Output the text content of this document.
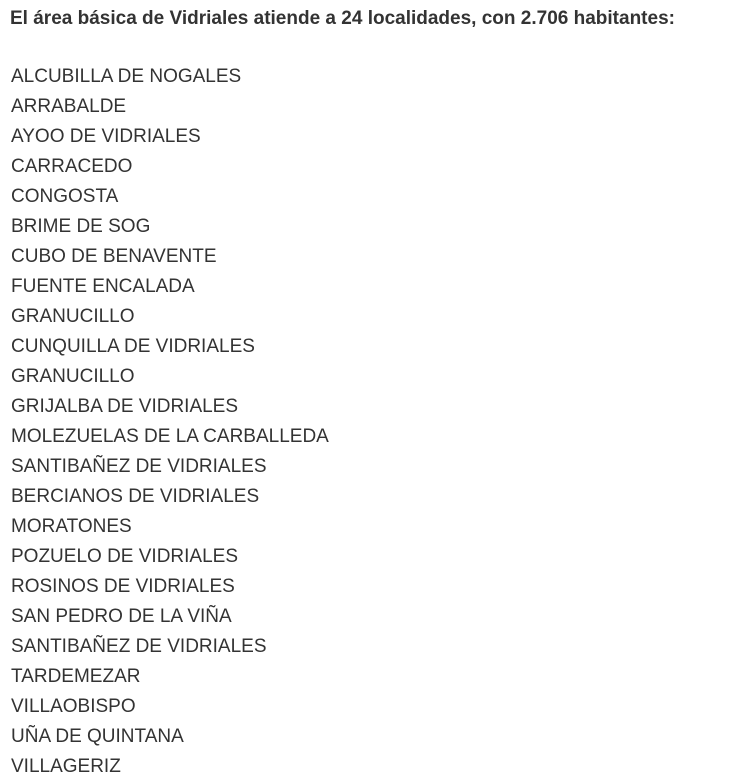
El área básica de Vidriales atiende a 24 localidades, con 2.706 habitantes:

ALCUBILLA DE NOGALES
ARRABALDE
AYOO DE VIDRIALES
CARRACEDO
CONGOSTA
BRIME DE SOG
CUBO DE BENAVENTE
FUENTE ENCALADA
GRANUCILLO
CUNQUILLA DE VIDRIALES
GRANUCILLO
GRIJALBA DE VIDRIALES
MOLEZUELAS DE LA CARBALLEDA
SANTIBAÑEZ DE VIDRIALES
BERCIANOS DE VIDRIALES
MORATONES
POZUELO DE VIDRIALES
ROSINOS DE VIDRIALES
SAN PEDRO DE LA VIÑA
SANTIBAÑEZ DE VIDRIALES
TARDEMEZAR
VILLAOBISPO
UÑA DE QUINTANA
VILLAGERIZ
